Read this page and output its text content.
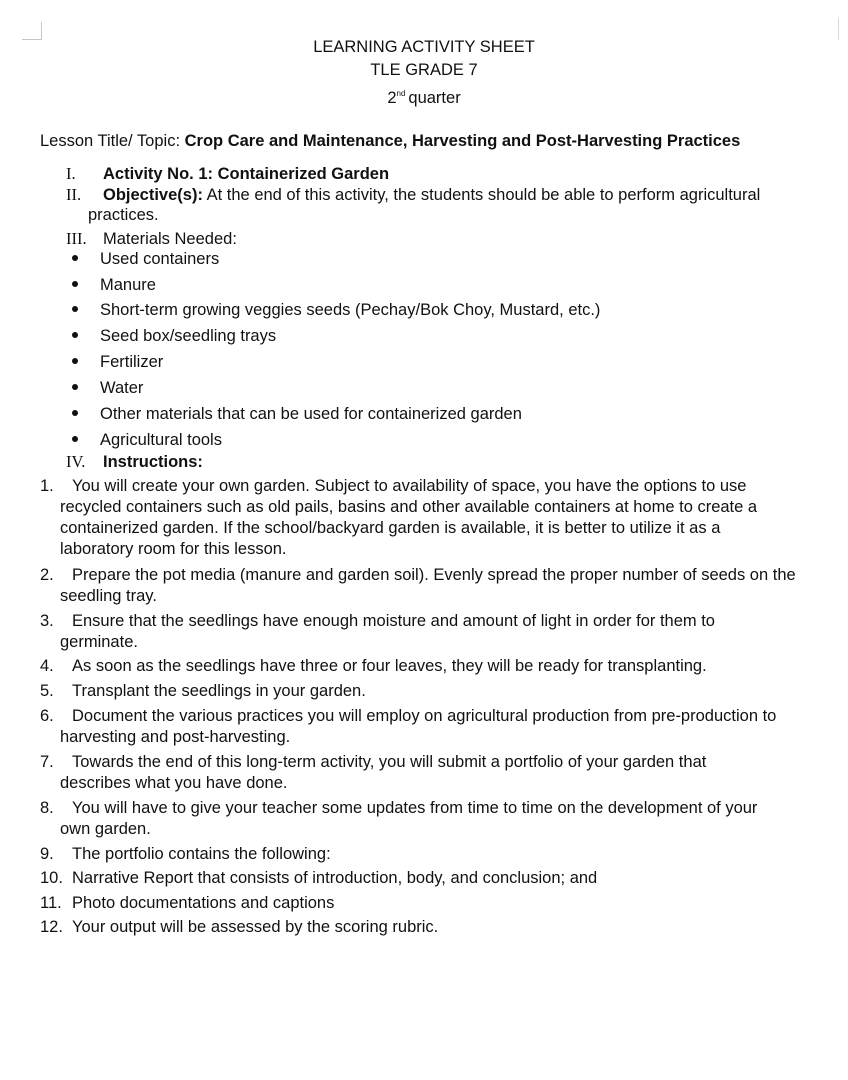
LEARNING ACTIVITY SHEET
TLE GRADE 7
2nd quarter
Lesson Title/ Topic: Crop Care and Maintenance, Harvesting and Post-Harvesting Practices
I. Activity No. 1: Containerized Garden
II. Objective(s): At the end of this activity, the students should be able to perform agricultural
practices.
III. Materials Needed:
Used containers
Manure
Short-term growing veggies seeds (Pechay/Bok Choy, Mustard, etc.)
Seed box/seedling trays
Fertilizer
Water
Other materials that can be used for containerized garden
Agricultural tools
IV. Instructions:
1. You will create your own garden. Subject to availability of space, you have the options to use
recycled containers such as old pails, basins and other available containers at home to create a
containerized garden. If the school/backyard garden is available, it is better to utilize it as a
laboratory room for this lesson.
2. Prepare the pot media (manure and garden soil). Evenly spread the proper number of seeds on the
seedling tray.
3. Ensure that the seedlings have enough moisture and amount of light in order for them to
germinate.
4. As soon as the seedlings have three or four leaves, they will be ready for transplanting.
5. Transplant the seedlings in your garden.
6. Document the various practices you will employ on agricultural production from pre-production to
harvesting and post-harvesting.
7. Towards the end of this long-term activity, you will submit a portfolio of your garden that
describes what you have done.
8. You will have to give your teacher some updates from time to time on the development of your
own garden.
9. The portfolio contains the following:
10. Narrative Report that consists of introduction, body, and conclusion; and
11. Photo documentations and captions
12. Your output will be assessed by the scoring rubric.
